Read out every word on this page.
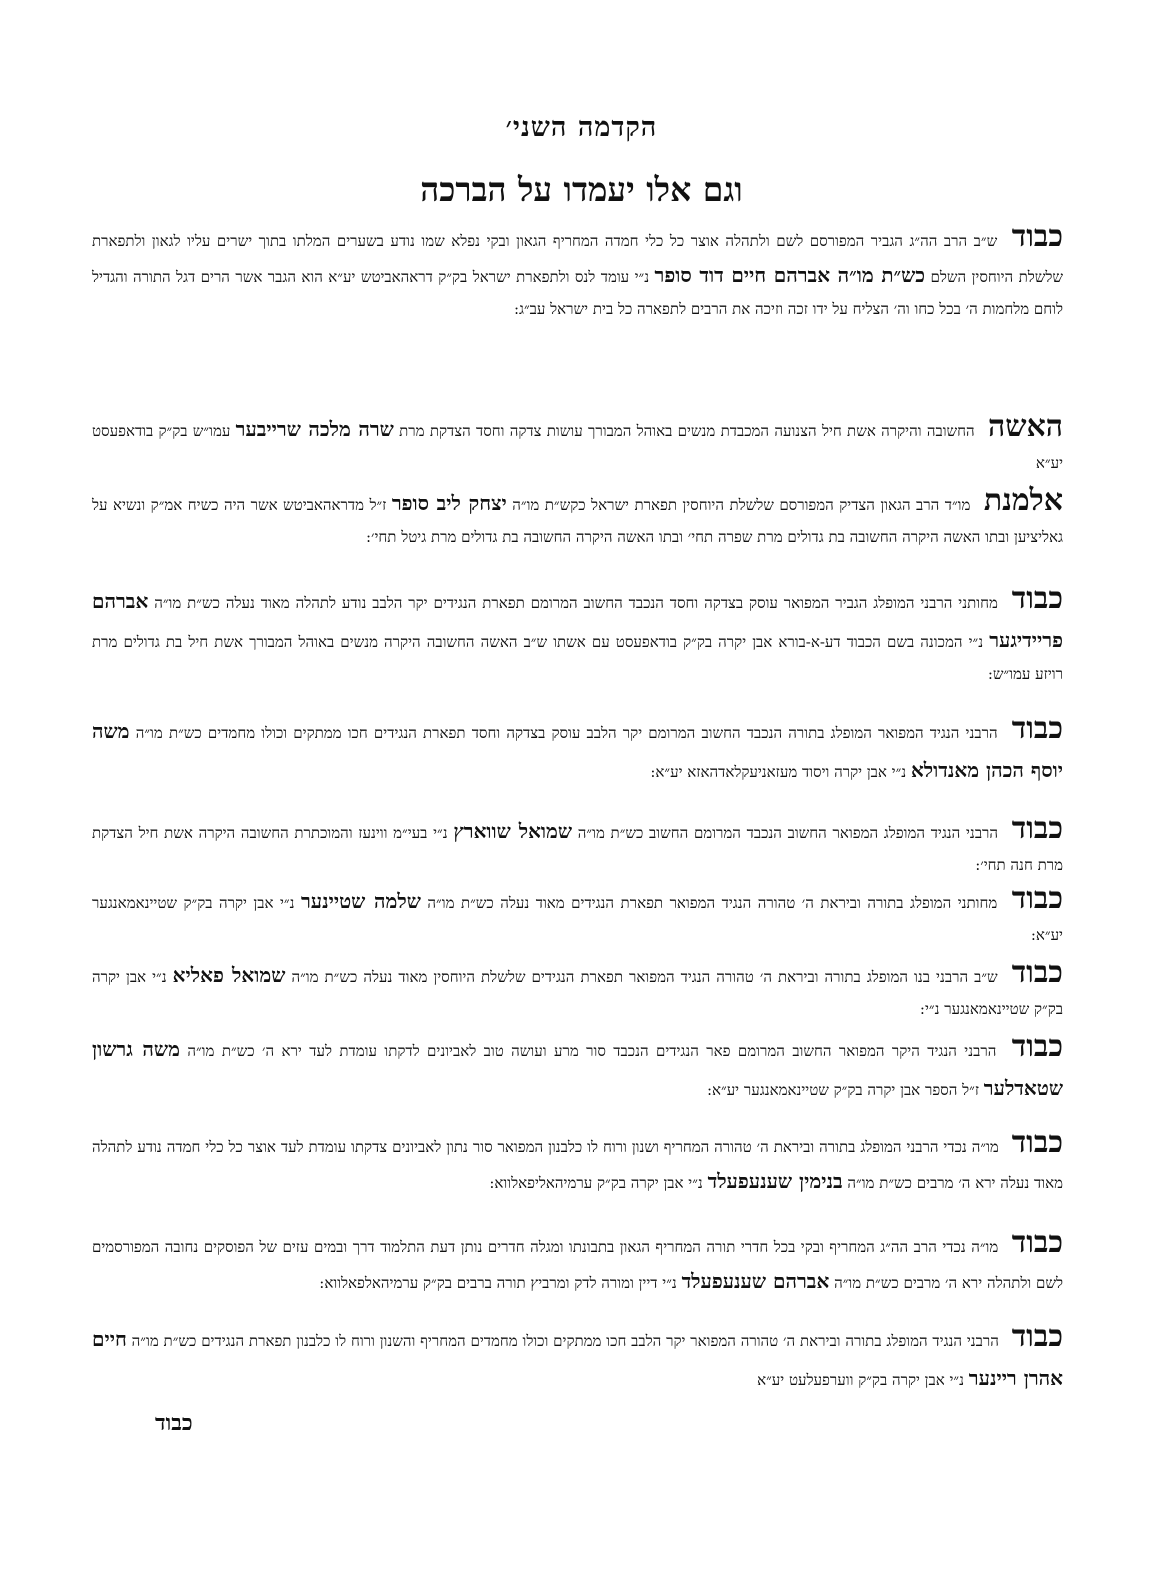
הקדמה השני׳
וגם אלו יעמדו על הברכה
כבוד ש״ב הרב הה״ג הגביר המפורסם לשם ולתהלה אוצר כל כלי חמדה המחריף הגאון ובקי נפלא שמו נודע בשערים המלתו בתוך ישרים עליו לגאון ולתפארת שלשלת היוחסין השלם כש״ת מו״ה אברהם חיים דוד סופר נ״י עומד לנס ולתפארת ישראל בק״ק דראהאביטש יע״א הוא הגבר אשר הרים דגל התורה והגדיל לוחם מלחמות ה׳ בכל כחו וה׳ הצליח על ידו זכה וזיכה את הרבים לתפארה כל בית ישראל עב״ג:
האשה החשובה והיקרה אשת חיל הצנועה המכבדת מנשים באוהל המבורך עושות צדקה וחסד הצדקת מרת שרה מלכה שרייבער עמו״ש בק״ק בודאפעסט יע״א
אלמנת מו״ד הרב הגאון הצדיק המפורסם שלשלת היוחסין תפארת ישראל כקש״ת מו״ה יצחק ליב סופר ז״ל מדראהאביטש אשר היה כשיח אמ״ק ונשיא על גאליציען ובתו האשה היקרה החשובה בת גדולים מרת שפרה תחי׳ ובתו האשה היקרה החשובה בת גדולים מרת גיטל תחי׳:
כבוד מחותני הרבני המופלג הגביר המפואר עוסק בצדקה וחסד הנכבד החשוב המרומם תפארת הנגידים יקר הלבב נודע לתהלה מאוד נעלה כש״ת מו״ה אברהם פריידיגער נ״י המכונה בשם הכבוד דע-א-בורא אבן יקרה בק״ק בודאפעסט עם אשתו ש״ב האשה החשובה היקרה מנשים באוהל המבורך אשת חיל בת גדולים מרת רויזע עמו״ש:
כבוד הרבני הנגיד המפואר המופלג בתורה הנכבד החשוב המרומם יקר הלבב עוסק בצדקה וחסד תפארת הנגידים חכו ממתקים וכולו מחמדים כש״ת מו״ה משה יוסף הכהן מאנדולא נ״י אבן יקרה ויסוד מעזאניעקלאדהאזא יע״א:
כבוד הרבני הנגיד המופלג המפואר החשוב הנכבד המרומם החשוב כש״ת מו״ה שמואל שווארץ נ״י בעי״מ ווינעז והמוכתרת החשובה היקרה אשת חיל הצדקת מרת חנה תחי׳:
כבוד מחותני המופלג בתורה וביראת ה׳ טהורה הנגיד המפואר תפארת הנגידים מאוד נעלה כש״ת מו״ה שלמה שטיינער נ״י אבן יקרה בק״ק שטיינאמאנגער יע״א:
כבוד ש״ב הרבני בנו המופלג בתורה וביראת ה׳ טהורה הנגיד המפואר תפארת הנגידים שלשלת היוחסין מאוד נעלה כש״ת מו״ה שמואל פאליא נ״י אבן יקרה בק״ק שטיינאמאנגער נ״י:
כבוד הרבני הנגיד היקר המפואר החשוב המרומם פאר הנגידים הנכבד סור מרע ועושה טוב לאביונים לדקתו עומדת לעד ירא ה׳ כש״ת מו״ה משה גרשון שטאדלער ז״ל הספר אבן יקרה בק״ק שטיינאמאנגער יע״א:
כבוד מו״ה נכדי הרבני המופלג בתורה וביראת ה׳ טהורה המחריף ושנון ורוח לו כלבנון המפואר סור נתון לאביונים צדקתו עומדת לעד אוצר כל כלי חמדה נודע לתהלה מאוד נעלה ירא ה׳ מרבים כש״ת מו״ה בנימין שענעפעלד נ״י אבן יקרה בק״ק ערמיהאליפאלווא:
כבוד מו״ה נכדי הרב הה״ג המחריף ובקי בכל חדרי תורה המחריף הגאון בתבונתו ומגלה חדרים נותן דעת התלמוד דרך ובמים עזים של הפוסקים נחובה המפורסמים לשם ולתהלה ירא ה׳ מרבים כש״ת מו״ה אברהם שענעפעלד נ״י דיין ומורה לדק ומרביץ תורה ברבים בק״ק ערמיהאלפאלווא:
כבוד הרבני הנגיד המופלג בתורה וביראת ה׳ טהורה המפואר יקר הלבב חכו ממתקים וכולו מחמדים המחריף והשנון ורוח לו כלבנון תפארת הנגידים כש״ת מו״ה חיים אהרן ריינער נ״י אבן יקרה בק״ק ווערפעלעט יע״א
כבוד
